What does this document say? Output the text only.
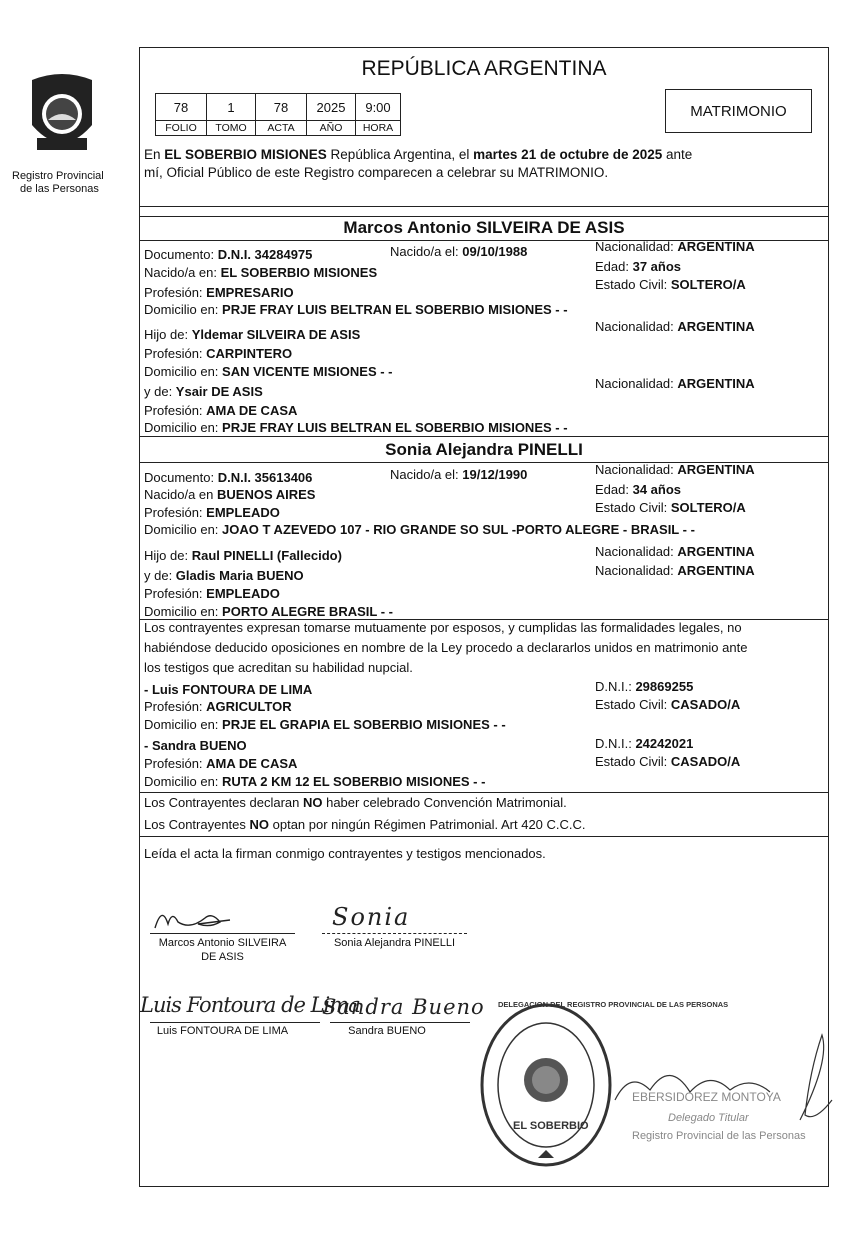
Registro Provincial
de las Personas
REPÚBLICA ARGENTINA
78	1	78	2025	9:00
FOLIO	TOMO	ACTA	AÑO	HORA
MATRIMONIO
En EL SOBERBIO MISIONES República Argentina, el martes 21 de octubre de 2025 ante
mí, Oficial Público de este Registro comparecen a celebrar su MATRIMONIO.
Marcos Antonio SILVEIRA DE ASIS
Documento: D.N.I. 34284975	Nacido/a el: 09/10/1988	Nacionalidad: ARGENTINA
Nacido/a en: EL SOBERBIO MISIONES	Edad: 37 años
Profesión: EMPRESARIO
Estado Civil: SOLTERO/A
Domicilio en: PRJE FRAY LUIS BELTRAN EL SOBERBIO MISIONES - -
Hijo de: Yldemar SILVEIRA DE ASIS
Nacionalidad: ARGENTINA
Profesión: CARPINTERO
Domicilio en: SAN VICENTE MISIONES - -
y de: Ysair DE ASIS
Nacionalidad: ARGENTINA
Profesión: AMA DE CASA
Domicilio en: PRJE FRAY LUIS BELTRAN EL SOBERBIO MISIONES - -
Sonia Alejandra PINELLI
Documento: D.N.I. 35613406	Nacido/a el: 19/12/1990	Nacionalidad: ARGENTINA
Nacido/a en BUENOS AIRES	Edad: 34 años
Profesión: EMPLEADO	Estado Civil: SOLTERO/A
Domicilio en: JOAO T AZEVEDO 107 - RIO GRANDE SO SUL -PORTO ALEGRE - BRASIL - -
Hijo de: Raul PINELLI (Fallecido)	Nacionalidad: ARGENTINA
y de: Gladis Maria BUENO	Nacionalidad: ARGENTINA
Profesión: EMPLEADO
Domicilio en: PORTO ALEGRE BRASIL - -
Los contrayentes expresan tomarse mutuamente por esposos, y cumplidas las formalidades legales, no
habiéndose deducido oposiciones en nombre de la Ley procedo a declararlos unidos en matrimonio ante
los testigos que acreditan su habilidad nupcial.
- Luis FONTOURA DE LIMA	D.N.I.: 29869255
Profesión: AGRICULTOR	Estado Civil: CASADO/A
Domicilio en: PRJE EL GRAPIA EL SOBERBIO MISIONES - -
- Sandra BUENO	D.N.I.: 24242021
Profesión: AMA DE CASA	Estado Civil: CASADO/A
Domicilio en: RUTA 2 KM 12 EL SOBERBIO MISIONES - -
Los Contrayentes declaran NO haber celebrado Convención Matrimonial.
Los Contrayentes NO optan por ningún Régimen Patrimonial. Art 420 C.C.C.
Leída el acta la firman conmigo contrayentes y testigos mencionados.
Marcos Antonio SILVEIRA
DE ASIS
Sonia
Sonia Alejandra PINELLI
Luis Fontoura de Lima
Sandra Bueno
Luis FONTOURA DE LIMA	Sandra BUENO
DELEGACION DEL REGISTRO PROVINCIAL DE LAS PERSONAS
EL SOBERBIO
EBERSIDOREZ MONTOYA
Delegado Titular
Registro Provincial de las Personas
